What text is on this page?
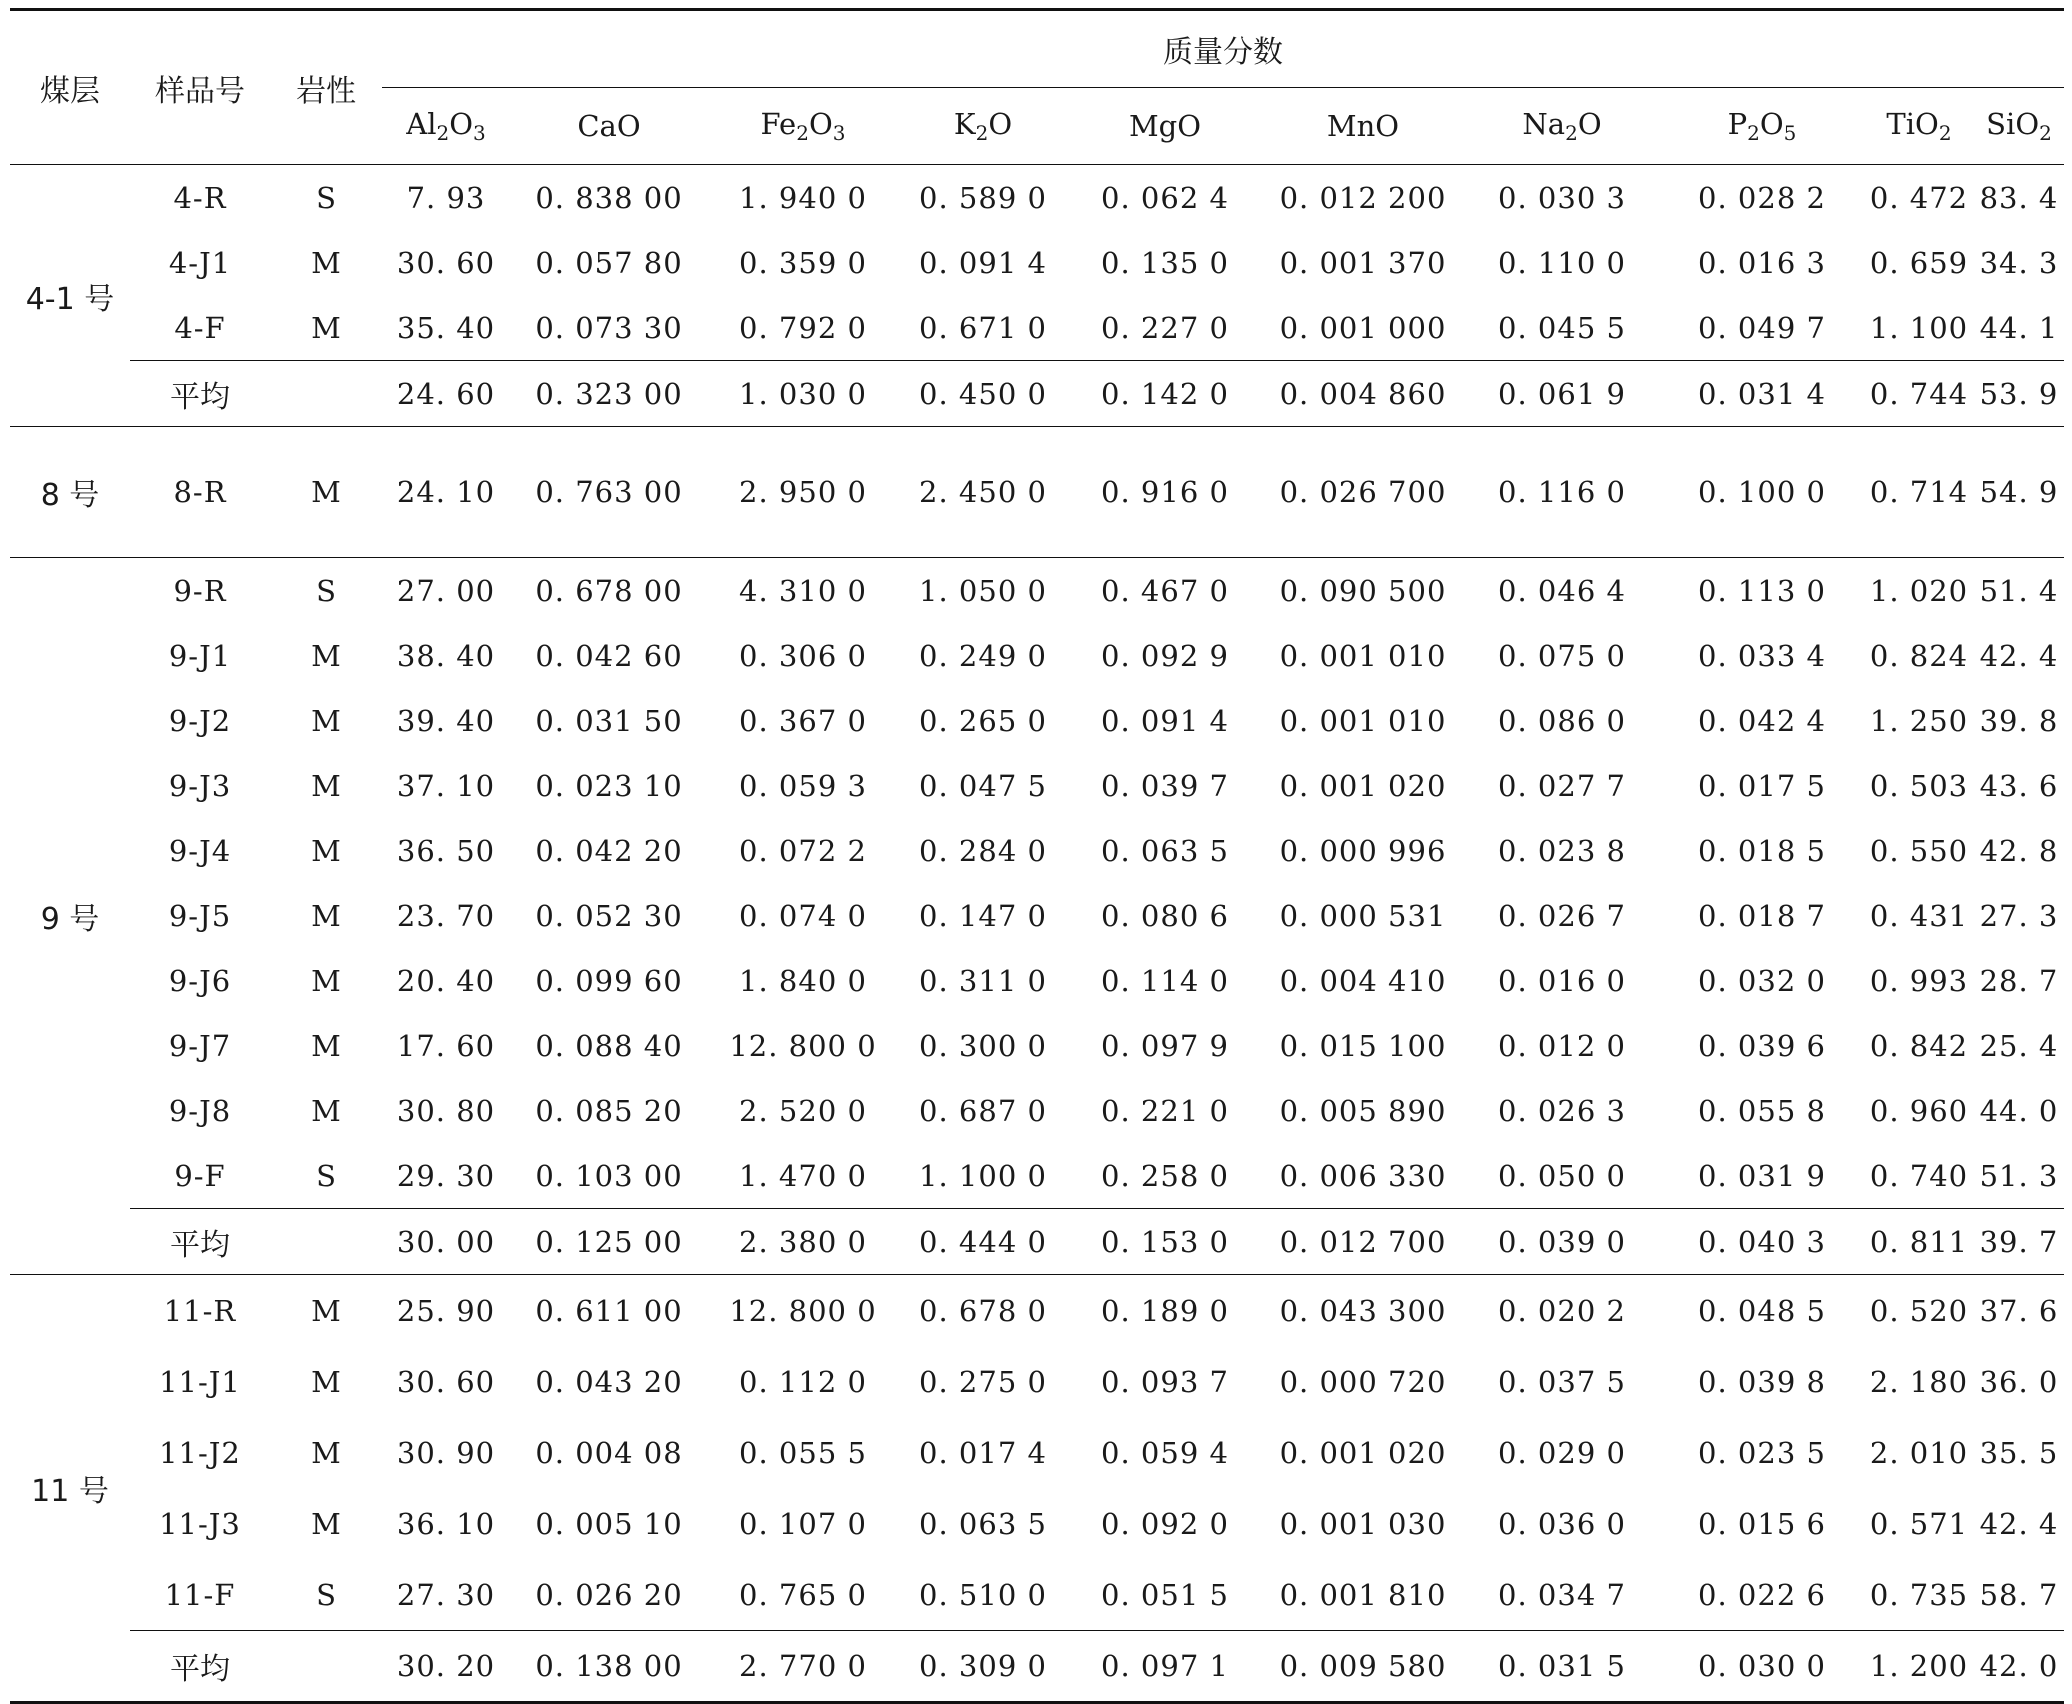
煤层	样品号	岩性	质量分数									
			$Al_2O_3$	CaO	$Fe_2O_3$	$K_2O$	MgO	MnO	$Na_2O$	$P_2O_5$	TiO$_2$	SiO$_2$
4-1 号	4-R	S	7. 93	0. 838 00	1. 940 0	0. 589 0	0. 062 4	0. 012 200	0. 030 3	0. 028 2	0. 472	83. 4
	4-J1	M	30. 60	0. 057 80	0. 359 0	0. 091 4	0. 135 0	0. 001 370	0. 110 0	0. 016 3	0. 659	34. 3
	4-F	M	35. 40	0. 073 30	0. 792 0	0. 671 0	0. 227 0	0. 001 000	0. 045 5	0. 049 7	1. 100	44. 1
	平均		24. 60	0. 323 00	1. 030 0	0. 450 0	0. 142 0	0. 004 860	0. 061 9	0. 031 4	0. 744	53. 9
8 号	8-R	M	24. 10	0. 763 00	2. 950 0	2. 450 0	0. 916 0	0. 026 700	0. 116 0	0. 100 0	0. 714	54. 9
9 号	9-R	S	27. 00	0. 678 00	4. 310 0	1. 050 0	0. 467 0	0. 090 500	0. 046 4	0. 113 0	1. 020	51. 4
	9-J1	M	38. 40	0. 042 60	0. 306 0	0. 249 0	0. 092 9	0. 001 010	0. 075 0	0. 033 4	0. 824	42. 4
	9-J2	M	39. 40	0. 031 50	0. 367 0	0. 265 0	0. 091 4	0. 001 010	0. 086 0	0. 042 4	1. 250	39. 8
	9-J3	M	37. 10	0. 023 10	0. 059 3	0. 047 5	0. 039 7	0. 001 020	0. 027 7	0. 017 5	0. 503	43. 6
	9-J4	M	36. 50	0. 042 20	0. 072 2	0. 284 0	0. 063 5	0. 000 996	0. 023 8	0. 018 5	0. 550	42. 8
	9-J5	M	23. 70	0. 052 30	0. 074 0	0. 147 0	0. 080 6	0. 000 531	0. 026 7	0. 018 7	0. 431	27. 3
	9-J6	M	20. 40	0. 099 60	1. 840 0	0. 311 0	0. 114 0	0. 004 410	0. 016 0	0. 032 0	0. 993	28. 7
	9-J7	M	17. 60	0. 088 40	12. 800 0	0. 300 0	0. 097 9	0. 015 100	0. 012 0	0. 039 6	0. 842	25. 4
	9-J8	M	30. 80	0. 085 20	2. 520 0	0. 687 0	0. 221 0	0. 005 890	0. 026 3	0. 055 8	0. 960	44. 0
	9-F	S	29. 30	0. 103 00	1. 470 0	1. 100 0	0. 258 0	0. 006 330	0. 050 0	0. 031 9	0. 740	51. 3
	平均		30. 00	0. 125 00	2. 380 0	0. 444 0	0. 153 0	0. 012 700	0. 039 0	0. 040 3	0. 811	39. 7
11 号	11-R	M	25. 90	0. 611 00	12. 800 0	0. 678 0	0. 189 0	0. 043 300	0. 020 2	0. 048 5	0. 520	37. 6
	11-J1	M	30. 60	0. 043 20	0. 112 0	0. 275 0	0. 093 7	0. 000 720	0. 037 5	0. 039 8	2. 180	36. 0
	11-J2	M	30. 90	0. 004 08	0. 055 5	0. 017 4	0. 059 4	0. 001 020	0. 029 0	0. 023 5	2. 010	35. 5
	11-J3	M	36. 10	0. 005 10	0. 107 0	0. 063 5	0. 092 0	0. 001 030	0. 036 0	0. 015 6	0. 571	42. 4
	11-F	S	27. 30	0. 026 20	0. 765 0	0. 510 0	0. 051 5	0. 001 810	0. 034 7	0. 022 6	0. 735	58. 7
	平均		30. 20	0. 138 00	2. 770 0	0. 309 0	0. 097 1	0. 009 580	0. 031 5	0. 030 0	1. 200	42. 0
